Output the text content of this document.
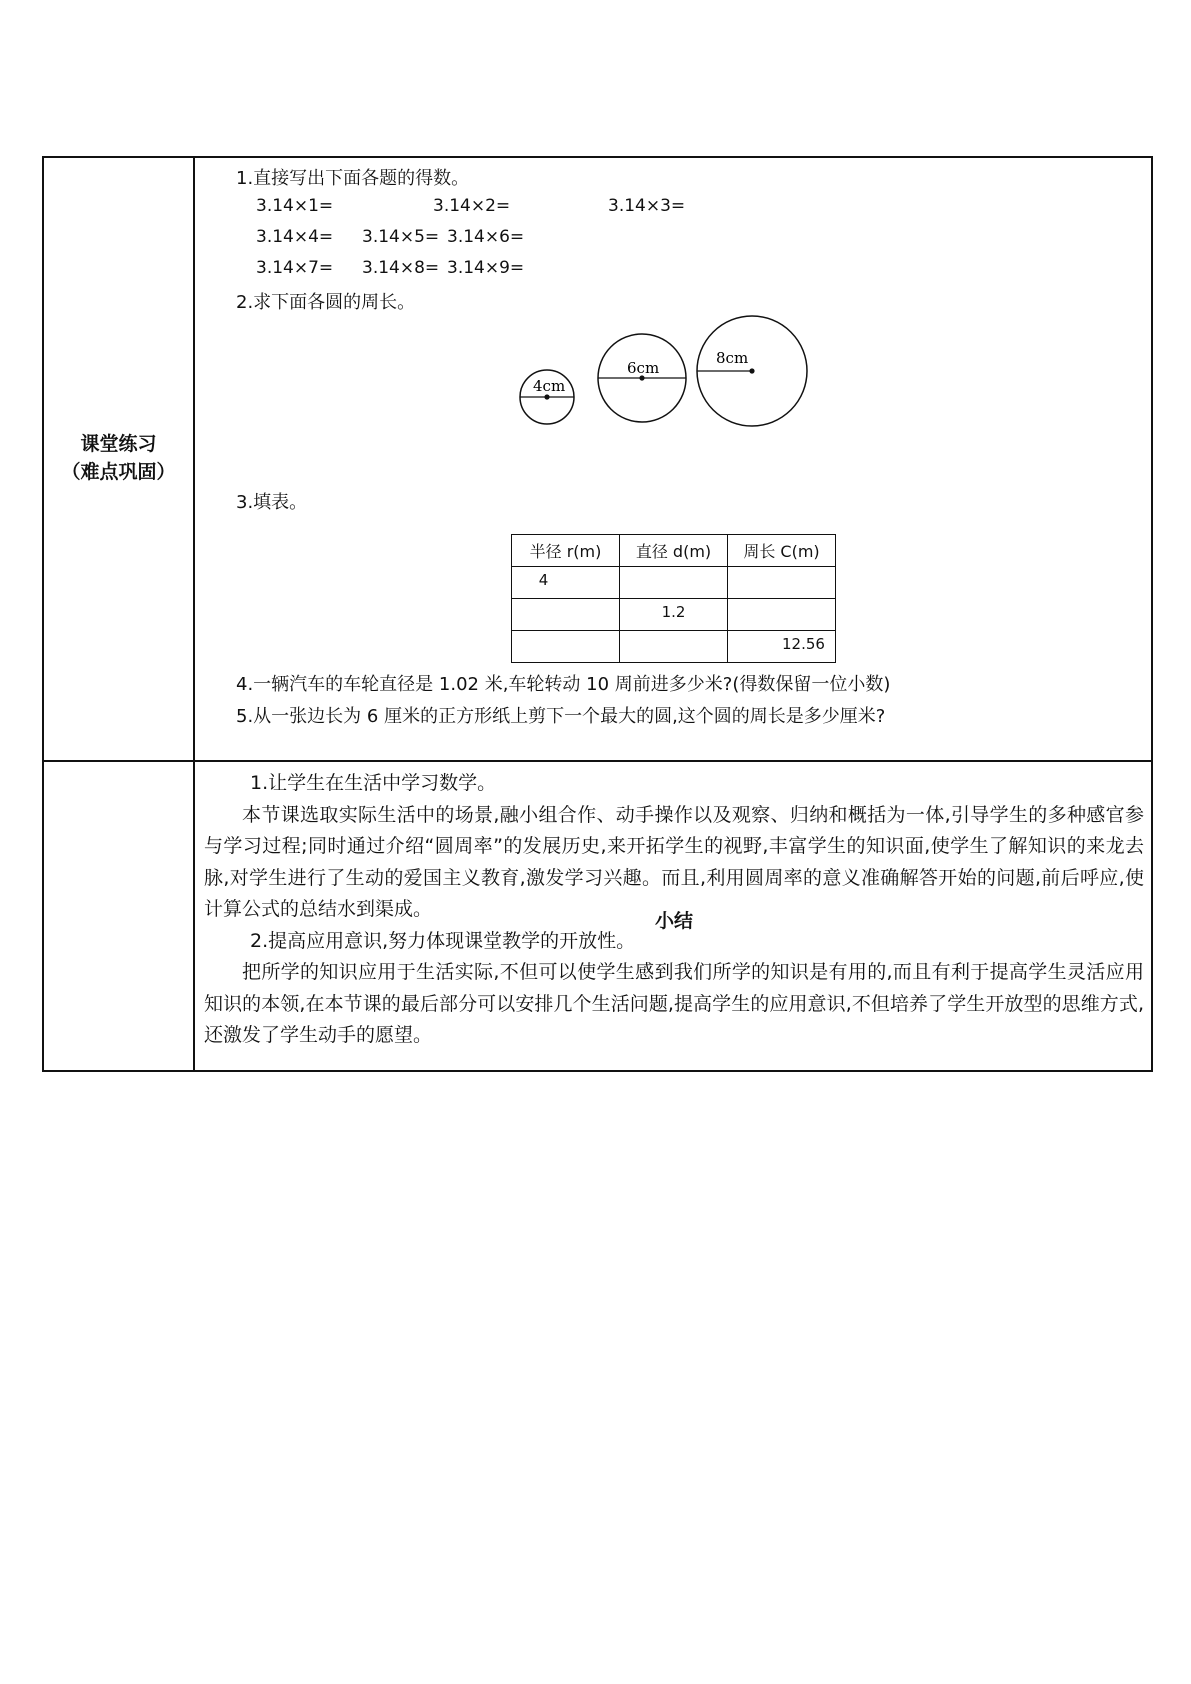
课堂练习
（难点巩固）
1.直接写出下面各题的得数。
3.14×1=	3.14×2=	3.14×3=
3.14×4= 3.14×5= 3.14×6=
3.14×7= 3.14×8= 3.14×9=
2.求下面各圆的周长。
4cm
6cm
8cm
3.填表。
半径 r(m)	直径 d(m)	周长 C(m)
4		
	1.2	
		12.56
4.一辆汽车的车轮直径是 1.02 米,车轮转动 10 周前进多少米?(得数保留一位小数)
5.从一张边长为 6 厘米的正方形纸上剪下一个最大的圆,这个圆的周长是多少厘米?
小结

1.让学生在生活中学习数学。

本节课选取实际生活中的场景,融小组合作、动手操作以及观察、归纳和概括为一体,引导学生的多种感官参与学习过程;同时通过介绍“圆周率”的发展历史,来开拓学生的视野,丰富学生的知识面,使学生了解知识的来龙去脉,对学生进行了生动的爱国主义教育,激发学习兴趣。而且,利用圆周率的意义准确解答开始的问题,前后呼应,使计算公式的总结水到渠成。

2.提高应用意识,努力体现课堂教学的开放性。

把所学的知识应用于生活实际,不但可以使学生感到我们所学的知识是有用的,而且有利于提高学生灵活应用知识的本领,在本节课的最后部分可以安排几个生活问题,提高学生的应用意识,不但培养了学生开放型的思维方式,还激发了学生动手的愿望。
